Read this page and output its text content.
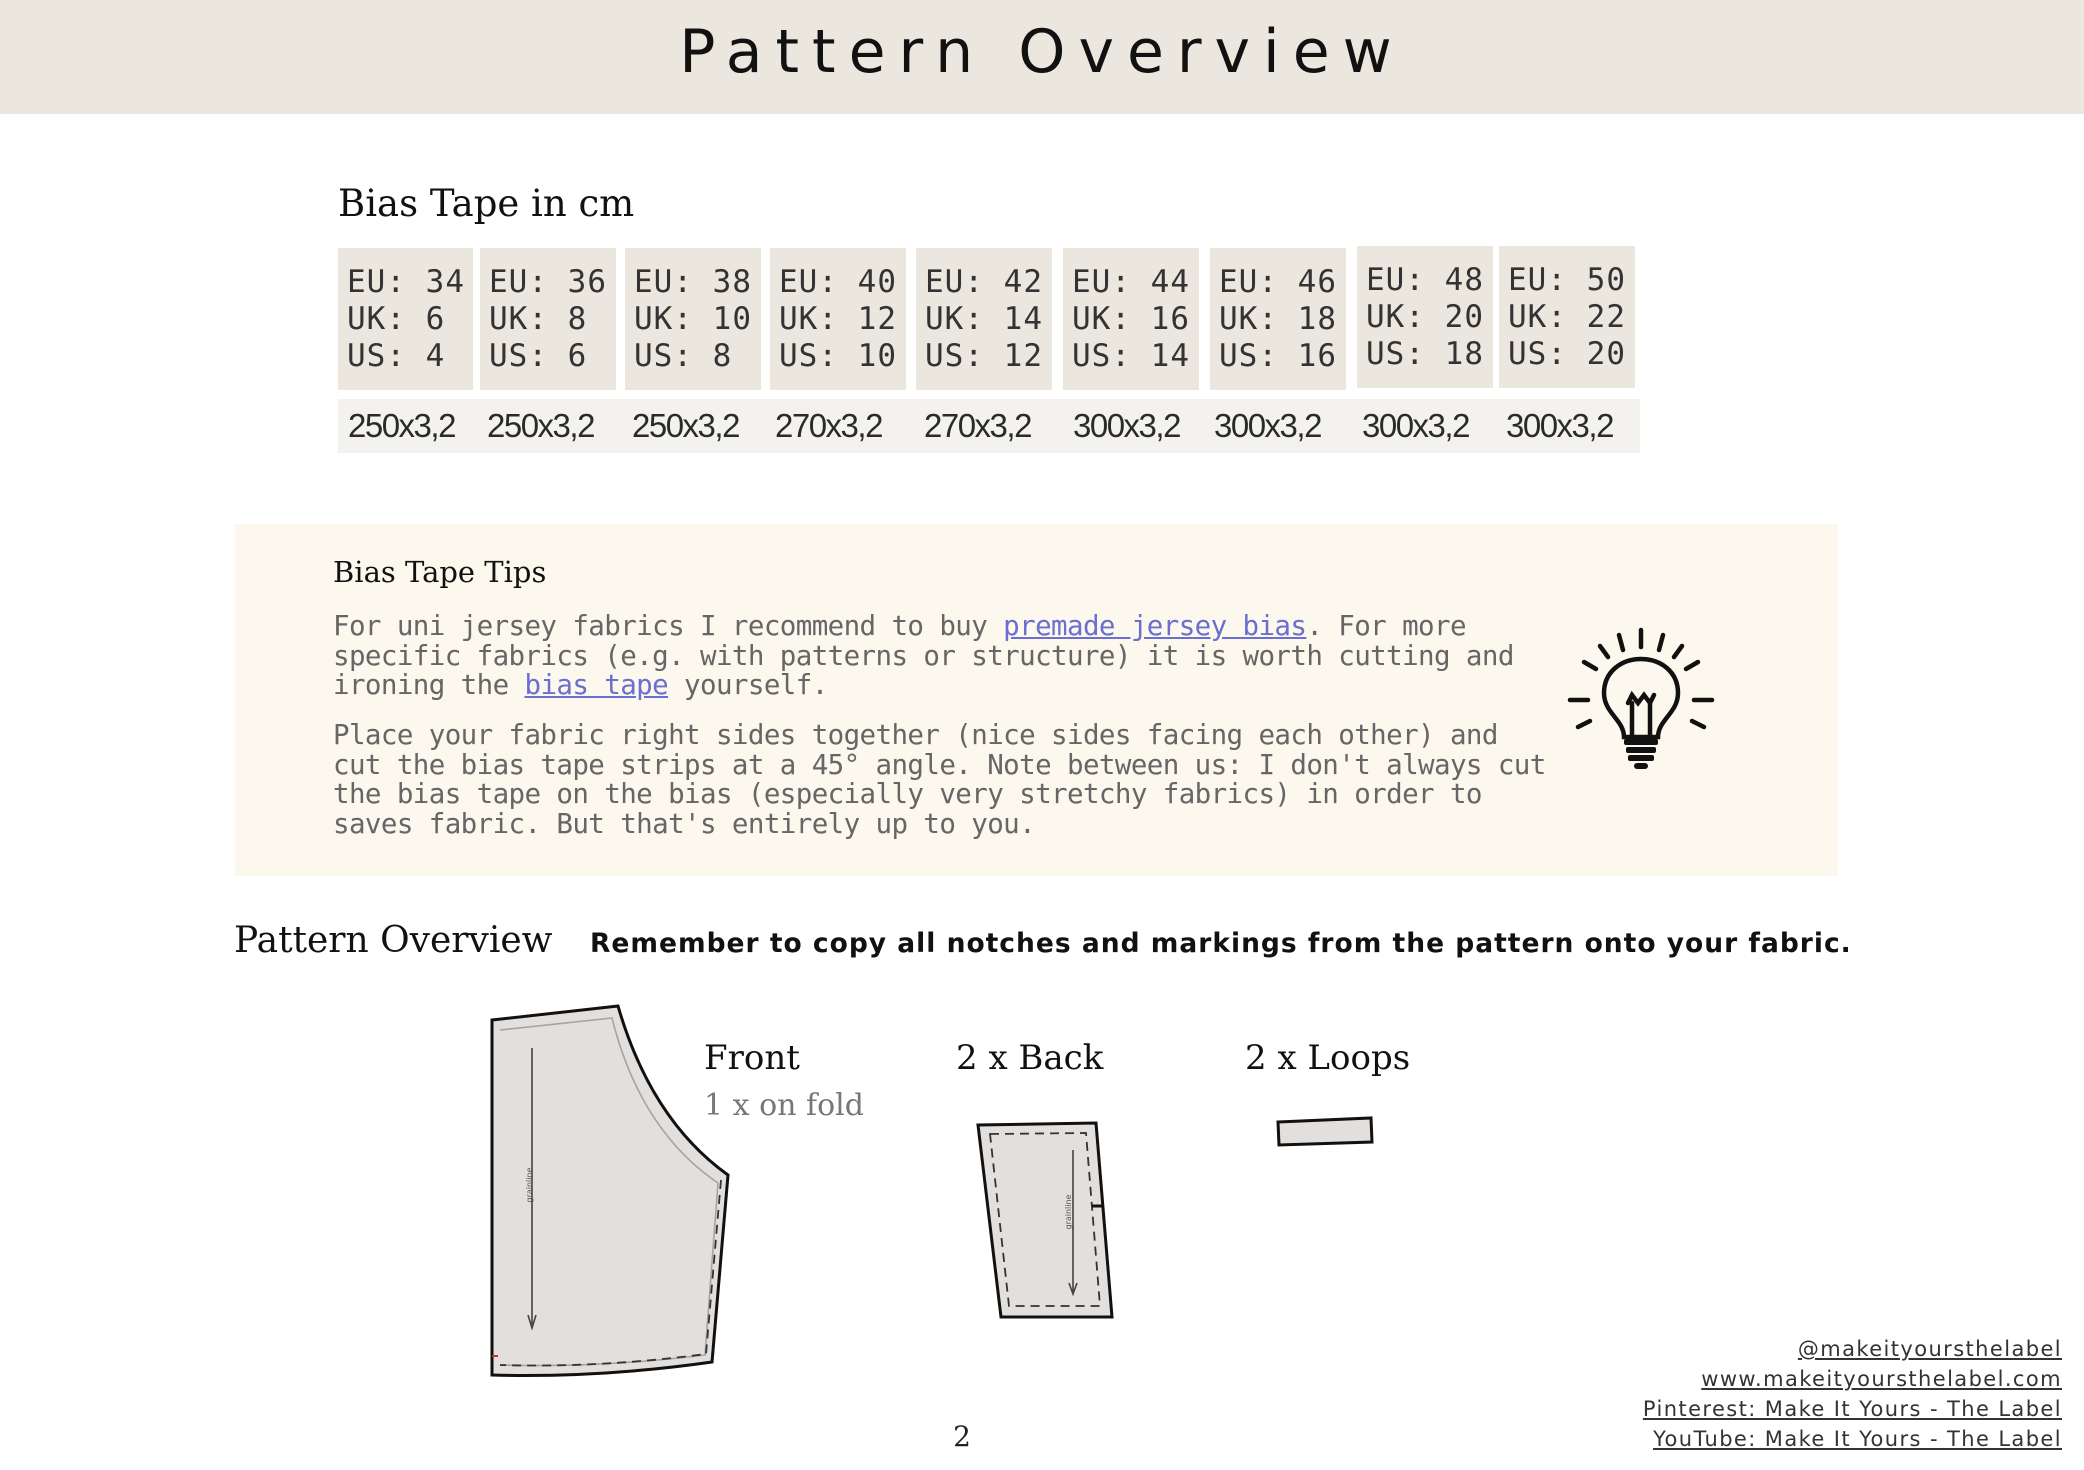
Pattern Overview
Bias Tape in cm
EU: 34
UK: 6
US: 4
EU: 36
UK: 8
US: 6
EU: 38
UK: 10
US: 8
EU: 40
UK: 12
US: 10
EU: 42
UK: 14
US: 12
EU: 44
UK: 16
US: 14
EU: 46
UK: 18
US: 16
EU: 48
UK: 20
US: 18
EU: 50
UK: 22
US: 20
250x3,2 250x3,2 250x3,2 270x3,2 270x3,2 300x3,2 300x3,2 300x3,2 300x3,2
Bias Tape Tips

For uni jersey fabrics I recommend to buy premade jersey bias. For more specific fabrics (e.g. with patterns or structure) it is worth cutting and ironing the bias tape yourself.

Place your fabric right sides together (nice sides facing each other) and cut the bias tape strips at a 45° angle. Note between us: I don't always cut the bias tape on the bias (especially very stretchy fabrics) in order to saves fabric. But that's entirely up to you.

Pattern Overview Remember to copy all notches and markings from the pattern onto your fabric.

grainline
grainline
Front
1 x on fold
2 x Back	2 x Loops
2
@makeityoursthelabel
www.makeityoursthelabel.com
Pinterest: Make It Yours - The Label
YouTube: Make It Yours - The Label
